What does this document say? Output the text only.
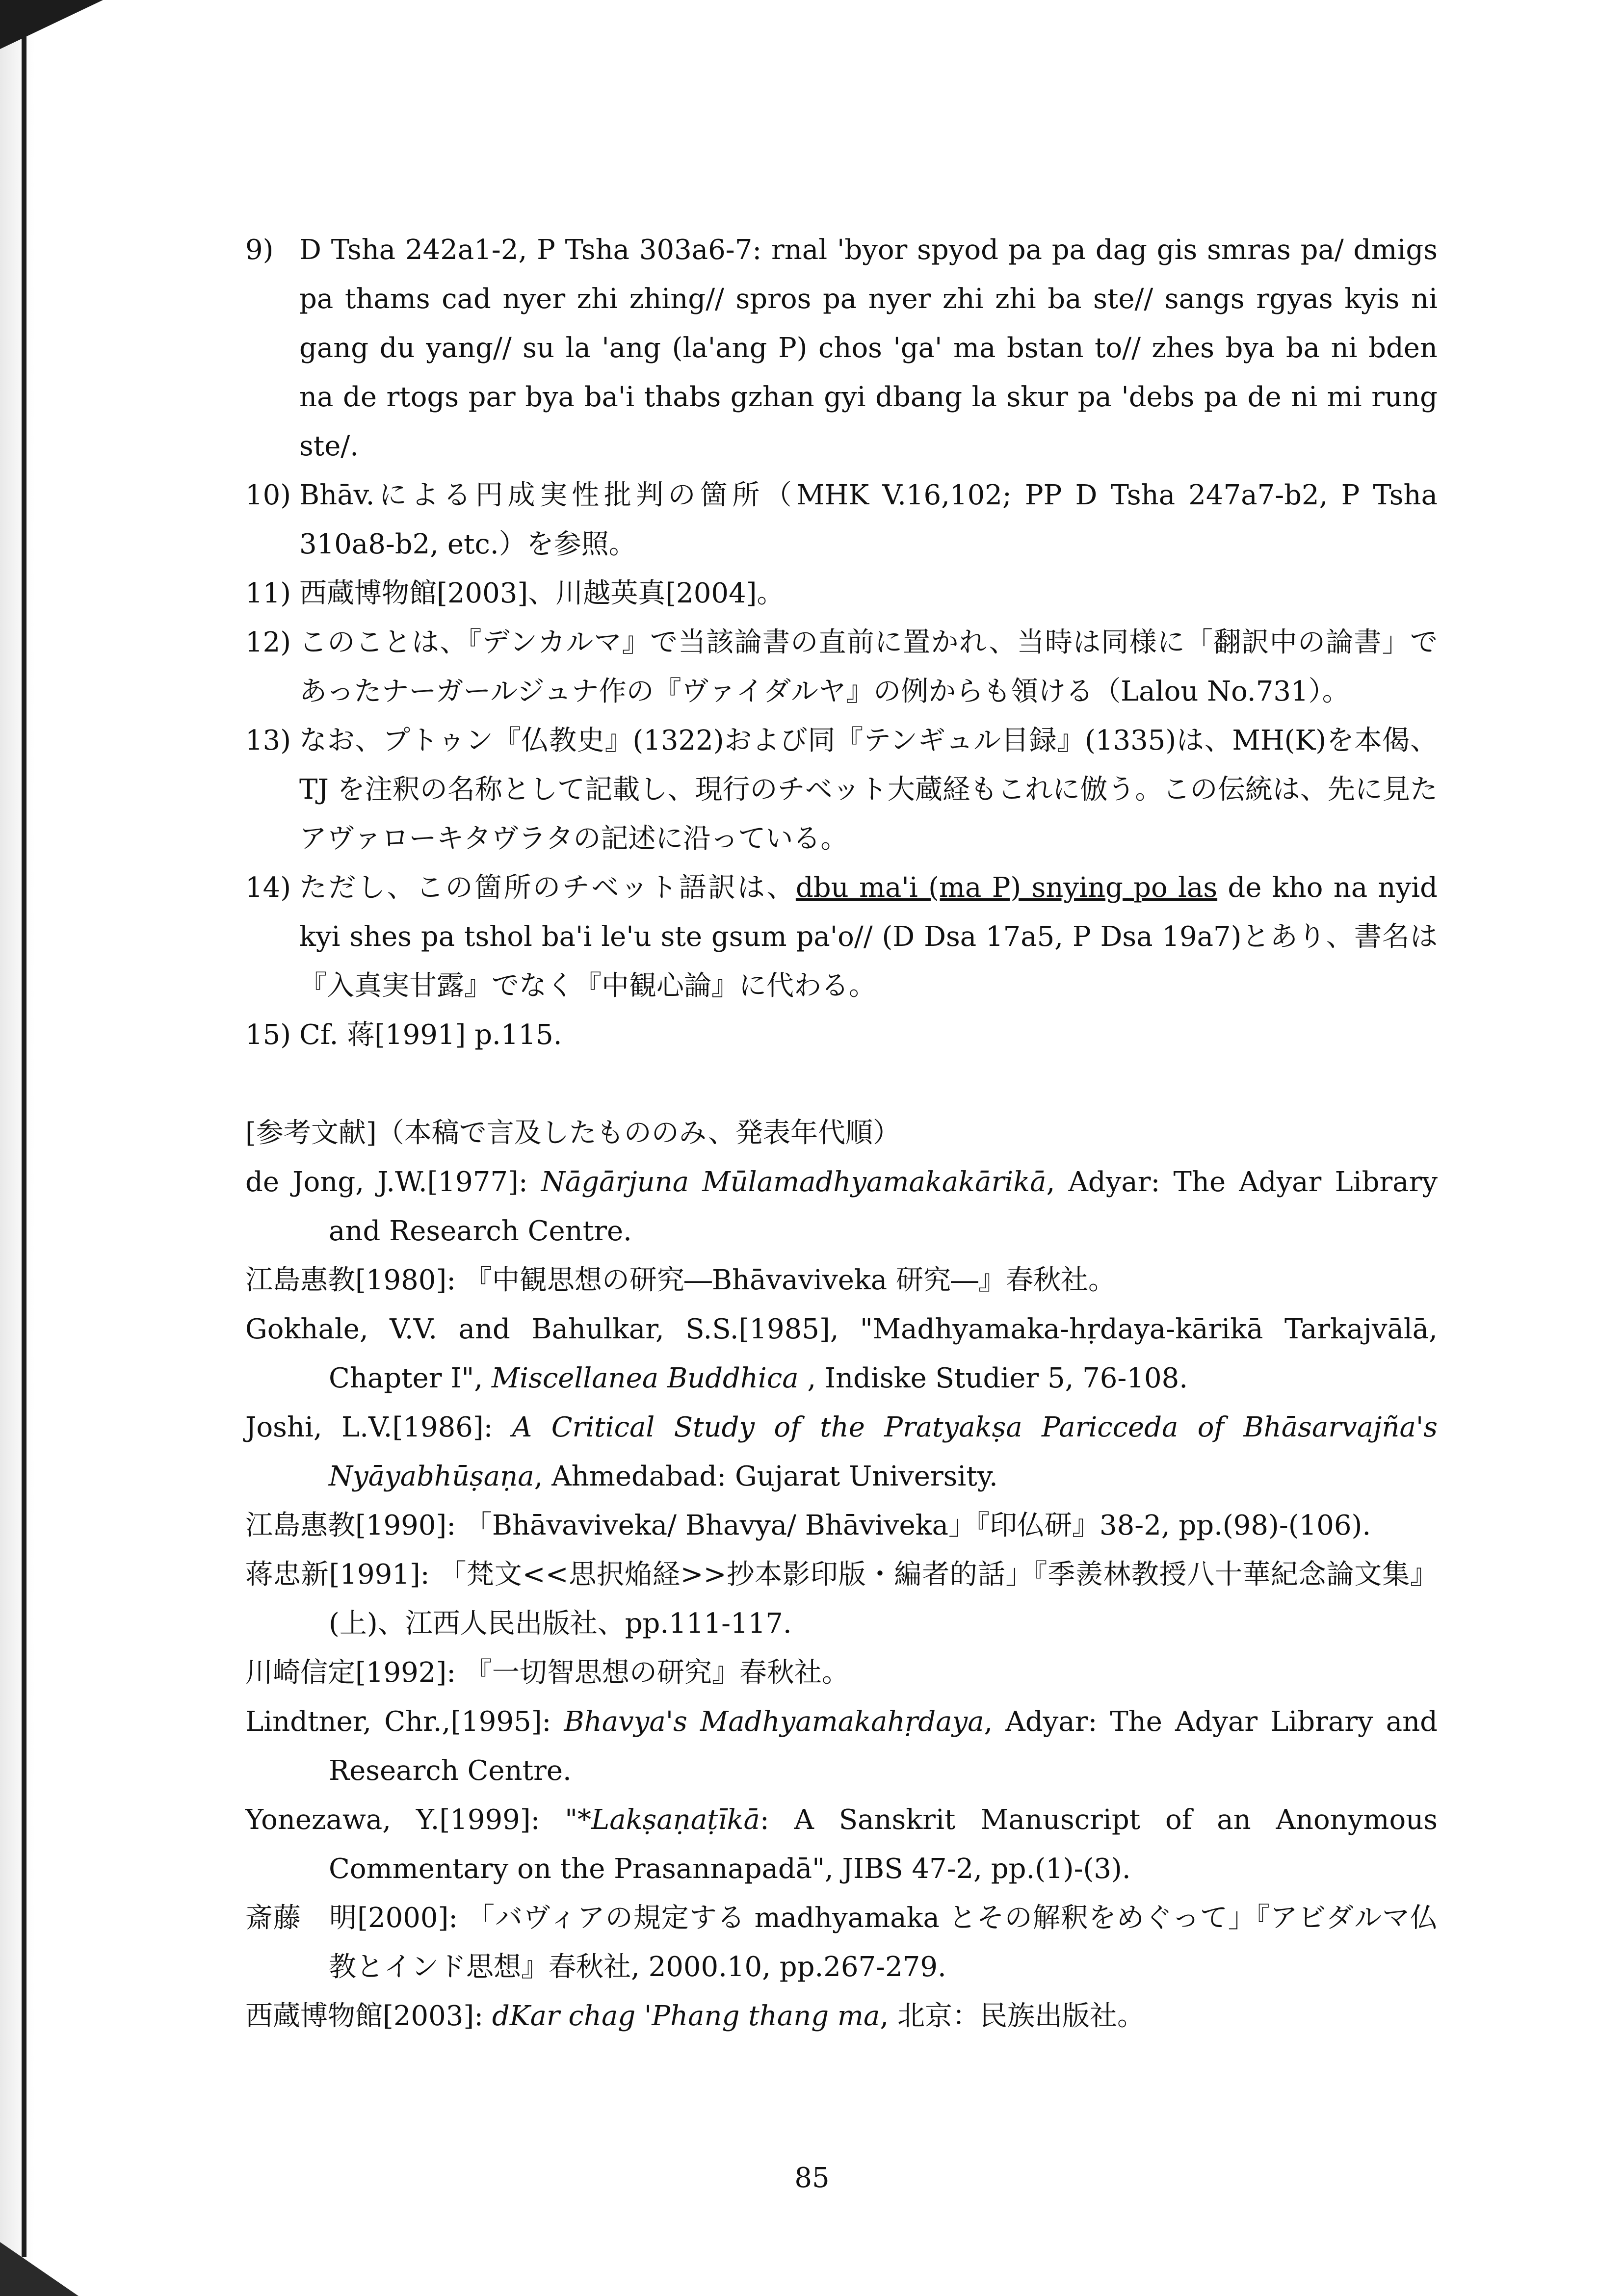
9) D Tsha 242a1-2, P Tsha 303a6-7: rnal 'byor spyod pa pa dag gis smras pa/ dmigs pa thams cad nyer zhi zhing// spros pa nyer zhi zhi ba ste// sangs rgyas kyis ni gang du yang// su la 'ang (la'ang P) chos 'ga' ma bstan to// zhes bya ba ni bden na de rtogs par bya ba'i thabs gzhan gyi dbang la skur pa 'debs pa de ni mi rung ste/.

10) Bhāv.による円成実性批判の箇所（MHK V.16,102; PP D Tsha 247a7-b2, P Tsha 310a8-b2, etc.）を参照。

11) 西蔵博物館[2003]、川越英真[2004]。

12) このことは、『デンカルマ』で当該論書の直前に置かれ、当時は同様に「翻訳中の論書」であったナーガールジュナ作の『ヴァイダルヤ』の例からも領ける（Lalou No.731）。

13) なお、プトゥン『仏教史』(1322)および同『テンギュル目録』(1335)は、MH(K)を本偈、TJ を注釈の名称として記載し、現行のチベット大蔵経もこれに倣う。この伝統は、先に見たアヴァローキタヴラタの記述に沿っている。

14) ただし、この箇所のチベット語訳は、dbu ma'i (ma P) snying po las de kho na nyid kyi shes pa tshol ba'i le'u ste gsum pa'o// (D Dsa 17a5, P Dsa 19a7)とあり、書名は『入真実甘露』でなく『中観心論』に代わる。

15) Cf. 蒋[1991] p.115.

[参考文献]（本稿で言及したもののみ、発表年代順）

de Jong, J.W.[1977]: Nāgārjuna Mūlamadhyamakakārikā, Adyar: The Adyar Library and Research Centre.

江島惠教[1980]: 『中観思想の研究―Bhāvaviveka 研究―』春秋社。

Gokhale, V.V. and Bahulkar, S.S.[1985], "Madhyamaka-hṛdaya-kārikā Tarkajvālā, Chapter I", Miscellanea Buddhica , Indiske Studier 5, 76-108.

Joshi, L.V.[1986]: A Critical Study of the Pratyakṣa Paricceda of Bhāsarvajña's Nyāyabhūṣaṇa, Ahmedabad: Gujarat University.

江島惠教[1990]: 「Bhāvaviveka/ Bhavya/ Bhāviveka」『印仏研』38-2, pp.(98)-(106).

蒋忠新[1991]: 「梵文<<思択焔経>>抄本影印版・編者的話」『季羨林教授八十華紀念論文集』(上)、江西人民出版社、pp.111-117.

川崎信定[1992]: 『一切智思想の研究』春秋社。

Lindtner, Chr.,[1995]: Bhavya's Madhyamakahṛdaya, Adyar: The Adyar Library and Research Centre.

Yonezawa, Y.[1999]: "*Lakṣaṇaṭīkā: A Sanskrit Manuscript of an Anonymous Commentary on the Prasannapadā", JIBS 47-2, pp.(1)-(3).

斎藤　明[2000]: 「バヴィアの規定する madhyamaka とその解釈をめぐって」『アビダルマ仏教とインド思想』春秋社, 2000.10, pp.267-279.

西蔵博物館[2003]: dKar chag 'Phang thang ma, 北京：民族出版社。

85
